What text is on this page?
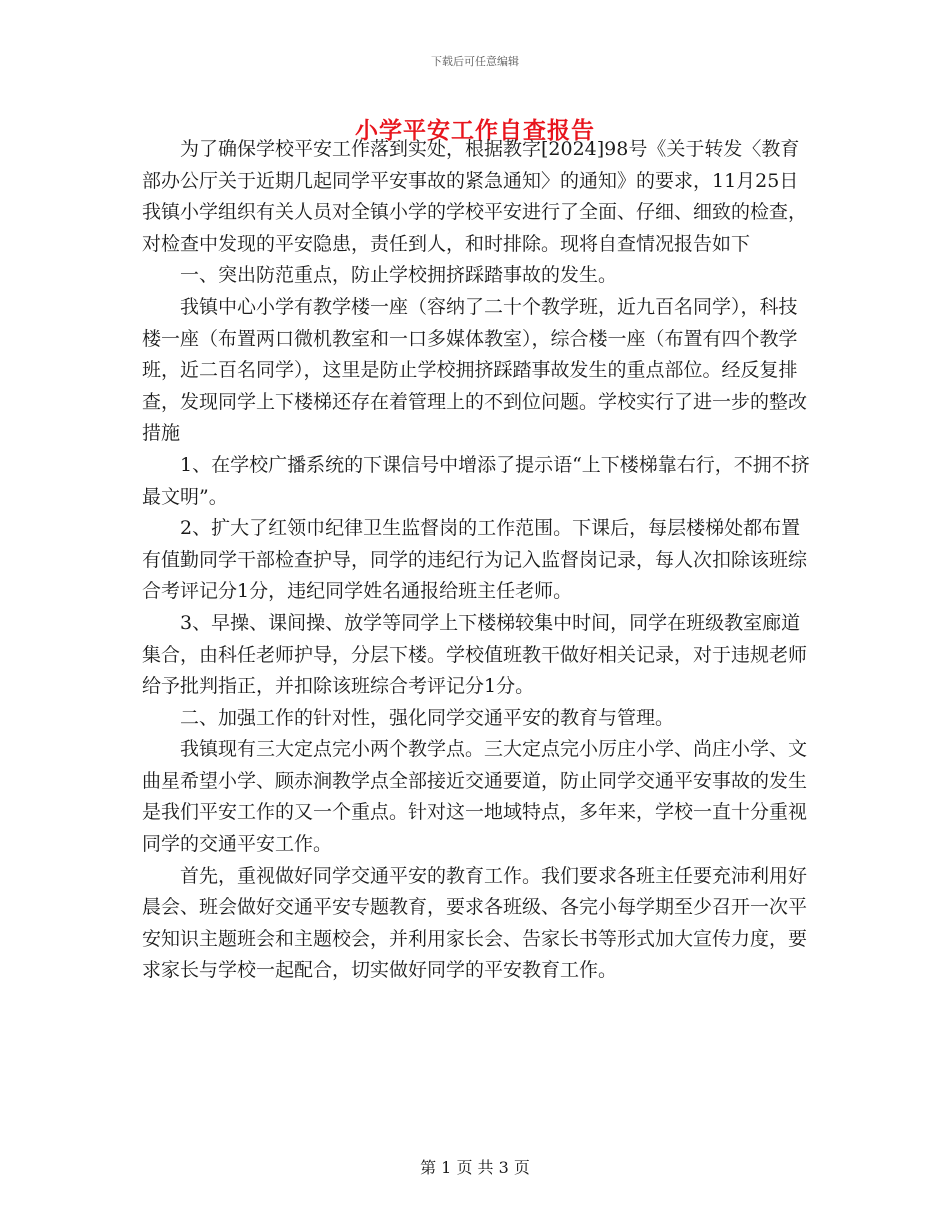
下载后可任意编辑
小学平安工作自查报告

为了确保学校平安工作落到实处，根据教字[2024]98号《关于转发〈教育部办公厅关于近期几起同学平安事故的紧急通知〉的通知》的要求，11月25日我镇小学组织有关人员对全镇小学的学校平安进行了全面、仔细、细致的检查，对检查中发现的平安隐患，责任到人，和时排除。现将自查情况报告如下

一、突出防范重点，防止学校拥挤踩踏事故的发生。

我镇中心小学有教学楼一座（容纳了二十个教学班，近九百名同学），科技楼一座（布置两口微机教室和一口多媒体教室），综合楼一座（布置有四个教学班，近二百名同学），这里是防止学校拥挤踩踏事故发生的重点部位。经反复排查，发现同学上下楼梯还存在着管理上的不到位问题。学校实行了进一步的整改措施

1、在学校广播系统的下课信号中增添了提示语“上下楼梯靠右行，不拥不挤最文明”。

2、扩大了红领巾纪律卫生监督岗的工作范围。下课后，每层楼梯处都布置有值勤同学干部检查护导，同学的违纪行为记入监督岗记录，每人次扣除该班综合考评记分1分，违纪同学姓名通报给班主任老师。

3、早操、课间操、放学等同学上下楼梯较集中时间，同学在班级教室廊道集合，由科任老师护导，分层下楼。学校值班教干做好相关记录，对于违规老师给予批判指正，并扣除该班综合考评记分1分。

二、加强工作的针对性，强化同学交通平安的教育与管理。

我镇现有三大定点完小两个教学点。三大定点完小厉庄小学、尚庄小学、文曲星希望小学、顾赤涧教学点全部接近交通要道，防止同学交通平安事故的发生是我们平安工作的又一个重点。针对这一地域特点，多年来，学校一直十分重视同学的交通平安工作。

首先，重视做好同学交通平安的教育工作。我们要求各班主任要充沛利用好晨会、班会做好交通平安专题教育，要求各班级、各完小每学期至少召开一次平安知识主题班会和主题校会，并利用家长会、告家长书等形式加大宣传力度，要求家长与学校一起配合，切实做好同学的平安教育工作。

第 1 页 共 3 页
